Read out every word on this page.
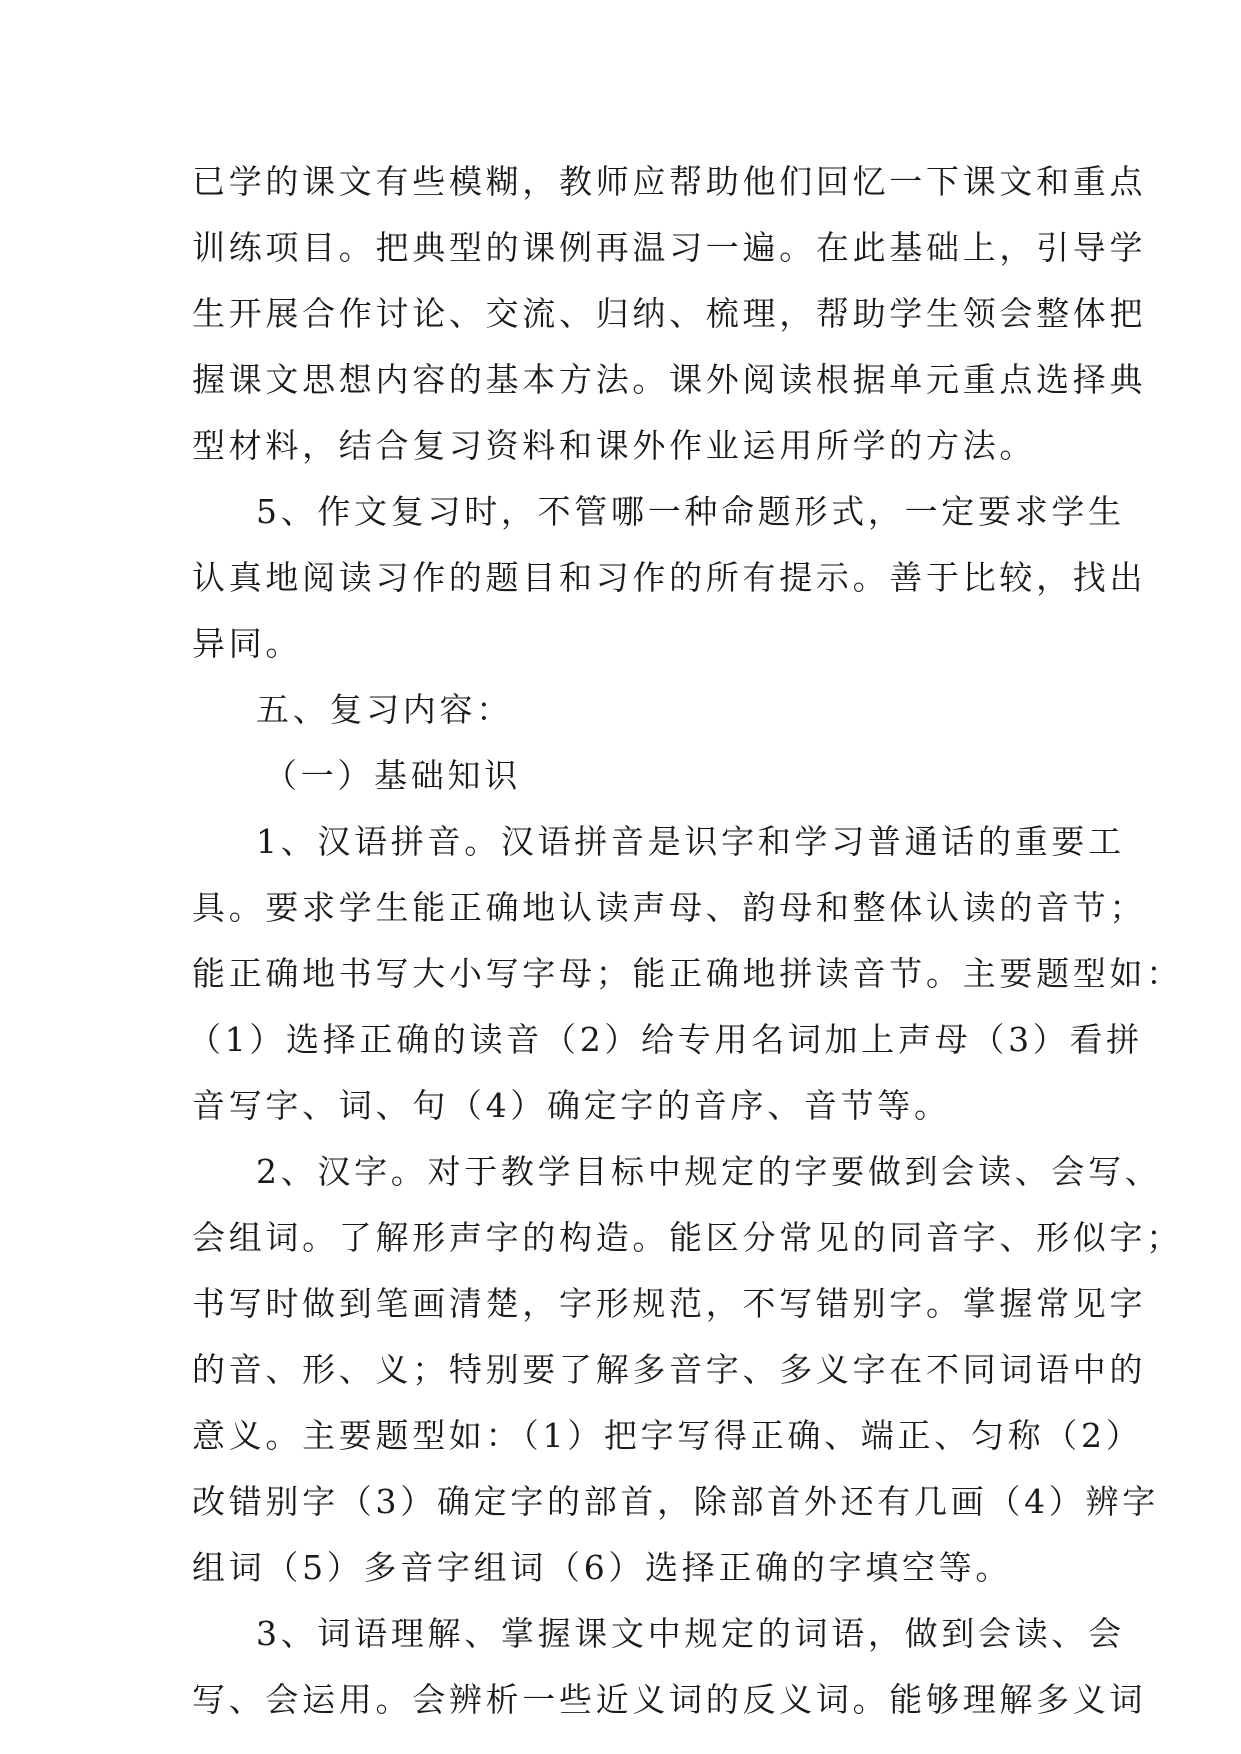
已学的课文有些模糊，教师应帮助他们回忆一下课文和重点
训练项目。把典型的课例再温习一遍。在此基础上，引导学
生开展合作讨论、交流、归纳、梳理，帮助学生领会整体把
握课文思想内容的基本方法。课外阅读根据单元重点选择典
型材料，结合复习资料和课外作业运用所学的方法。
5、作文复习时，不管哪一种命题形式，一定要求学生
认真地阅读习作的题目和习作的所有提示。善于比较，找出
异同。
五、复习内容：
（一）基础知识
1、汉语拼音。汉语拼音是识字和学习普通话的重要工
具。要求学生能正确地认读声母、韵母和整体认读的音节；
能正确地书写大小写字母；能正确地拼读音节。主要题型如：
（1）选择正确的读音（2）给专用名词加上声母（3）看拼
音写字、词、句（4）确定字的音序、音节等。
2、汉字。对于教学目标中规定的字要做到会读、会写、
会组词。了解形声字的构造。能区分常见的同音字、形似字；
书写时做到笔画清楚，字形规范，不写错别字。掌握常见字
的音、形、义；特别要了解多音字、多义字在不同词语中的
意义。主要题型如：（1）把字写得正确、端正、匀称（2）
改错别字（3）确定字的部首，除部首外还有几画（4）辨字
组词（5）多音字组词（6）选择正确的字填空等。
3、词语理解、掌握课文中规定的词语，做到会读、会
写、会运用。会辨析一些近义词的反义词。能够理解多义词
